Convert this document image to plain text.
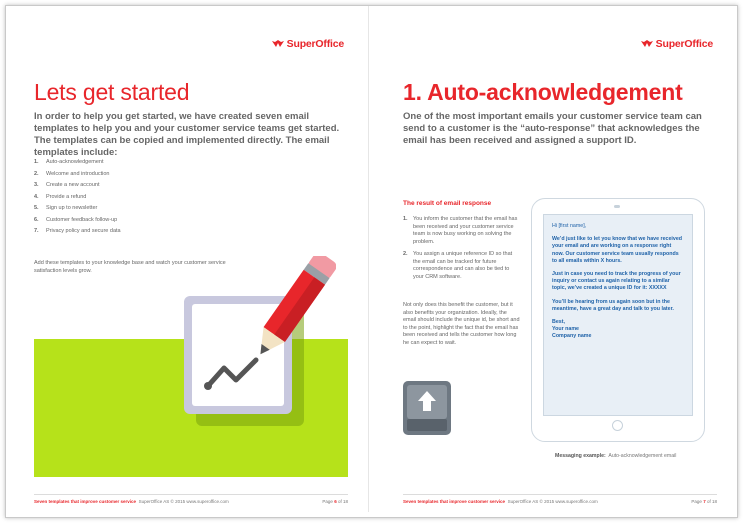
SuperOffice
Lets get started

In order to help you get started, we have created seven email templates to help you and your customer service teams get started. The templates can be copied and implemented directly. The email templates include:

1. Auto-acknowledgement
2. Welcome and introduction
3. Create a new account
4. Provide a refund
5. Sign up to newsletter
6. Customer feedback follow-up
7. Privacy policy and secure data

Add these templates to your knowledge base and watch your customer service satisfaction levels grow.

Seven templates that improve customer service SuperOffice AS © 2015 www.superoffice.com	Page 6 of 18
SuperOffice
1. Auto-acknowledgement

One of the most important emails your customer service team can send to a customer is the “auto-response” that acknowledges the email has been received and assigned a support ID.

The result of email response
1. You inform the customer that the email has been received and your customer service team is now busy working on solving the problem.
2. You assign a unique reference ID so that the email can be tracked for future correspondence and can also be tied to your CRM software.

Not only does this benefit the customer, but it also benefits your organization. Ideally, the email should include the unique id, be short and to the point, highlight the fact that the email has been received and tells the customer how long he can expect to wait.

Hi [first name],

We’d just like to let you know that we have received your email and are working on a response right now. Our customer service team usually responds to all emails within X hours.

Just in case you need to track the progress of your inquiry or contact us again relating to a similar topic, we’ve created a unique ID for it: XXXXX

You’ll be hearing from us again soon but in the meantime, have a great day and talk to you later.

Best,
Your name
Company name
Messaging example: Auto-acknowledgement email
Seven templates that improve customer service SuperOffice AS © 2015 www.superoffice.com	Page 7 of 18
